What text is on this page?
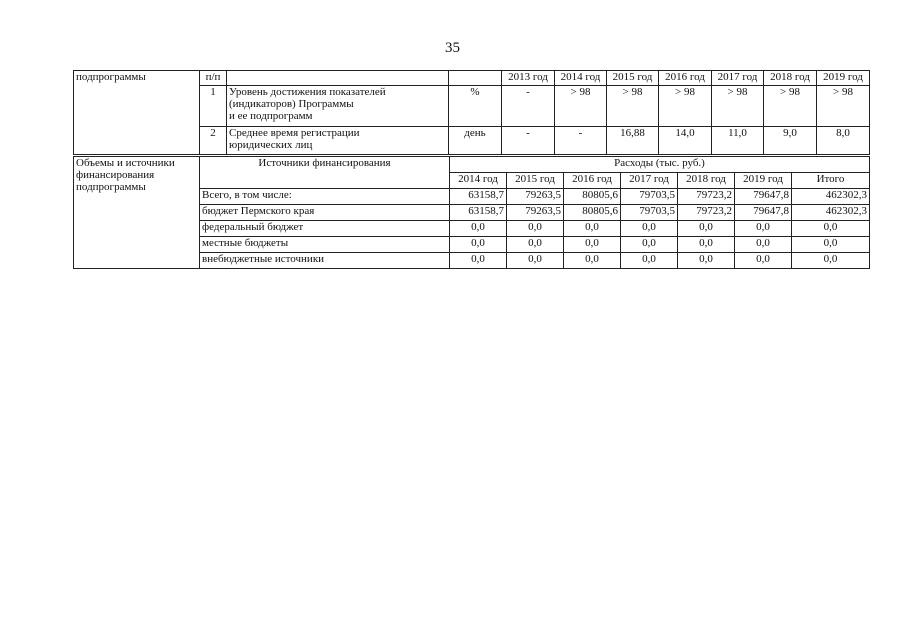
35
подпрограммы	п/п			2013 год	2014 год	2015 год	2016 год	2017 год	2018 год	2019 год
	1	Уровень достижения показателей
(индикаторов) Программы
и ее подпрограмм	%	-	> 98	> 98	> 98	> 98	> 98	> 98
	2	Среднее время регистрации
юридических лиц	день	-	-	16,88	14,0	11,0	9,0	8,0
Объемы и источники
финансирования
подпрограммы	Источники финансирования	Расходы (тыс. руб.)						
		2014 год	2015 год	2016 год	2017 год	2018 год	2019 год	Итого
	Всего, в том числе:	63158,7	79263,5	80805,6	79703,5	79723,2	79647,8	462302,3
	бюджет Пермского края	63158,7	79263,5	80805,6	79703,5	79723,2	79647,8	462302,3
	федеральный бюджет	0,0	0,0	0,0	0,0	0,0	0,0	0,0
	местные бюджеты	0,0	0,0	0,0	0,0	0,0	0,0	0,0
	внебюджетные источники	0,0	0,0	0,0	0,0	0,0	0,0	0,0
